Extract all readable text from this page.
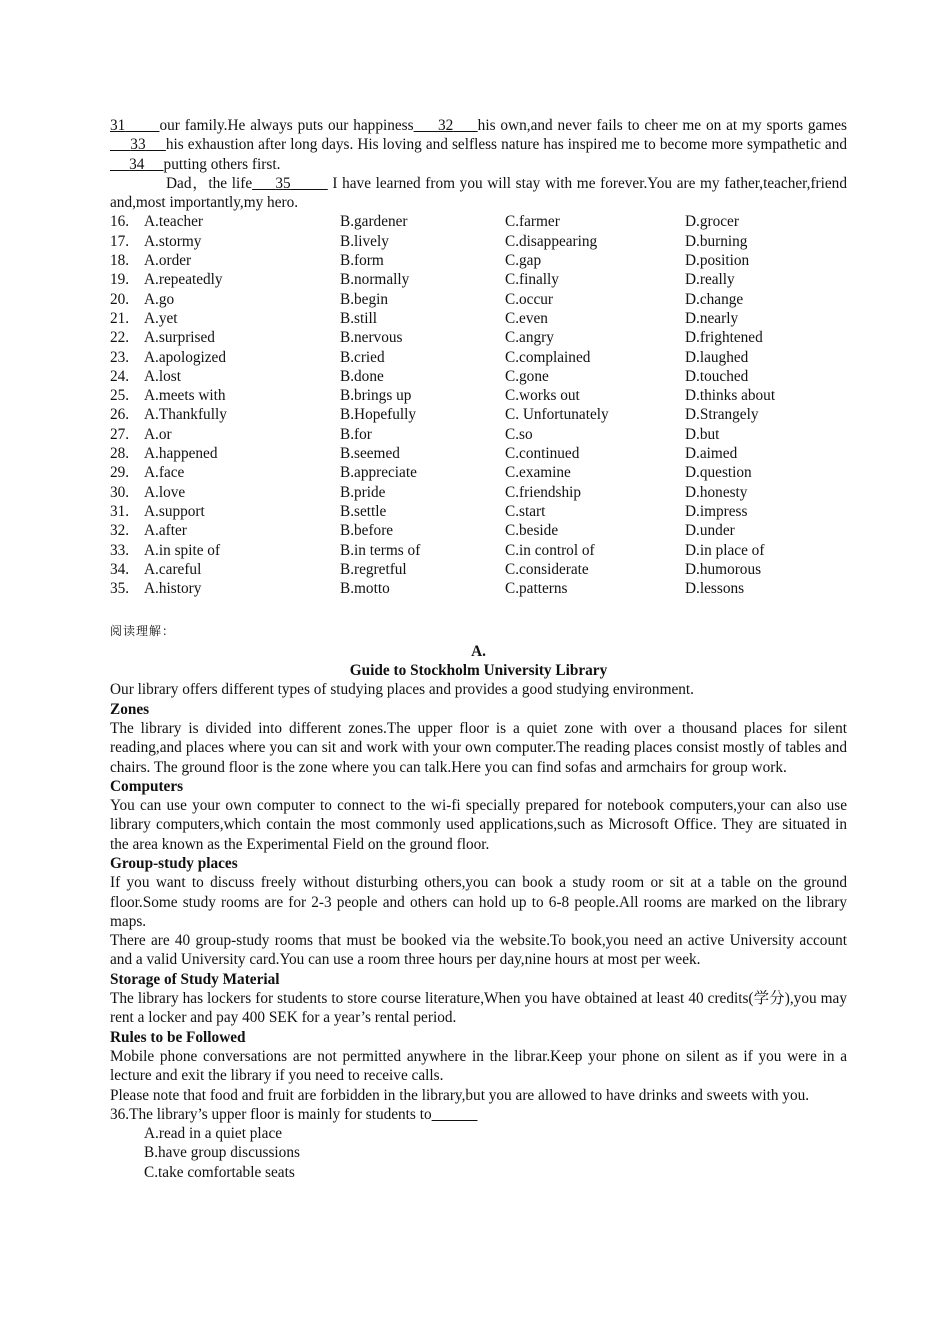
31 our family.He always puts our happiness 32 his own,and never fails to cheer me on at my sports games     33 his exhaustion after long days. His loving and selfless nature has inspired me to become more sympathetic and     34 putting others first.

Dad，the life 35	I have learned from you will stay with me forever.You are my father,teacher,friend and,most importantly,my hero.

16.	A.teacher	B.gardener	C.farmer	D.grocer
17.	A.stormy	B.lively	C.disappearing	D.burning
18.	A.order	B.form	C.gap	D.position
19.	A.repeatedly	B.normally	C.finally	D.really
20.	A.go	B.begin	C.occur	D.change
21.	A.yet	B.still	C.even	D.nearly
22.	A.surprised	B.nervous	C.angry	D.frightened
23.	A.apologized	B.cried	C.complained	D.laughed
24.	A.lost	B.done	C.gone	D.touched
25.	A.meets with	B.brings up	C.works out	D.thinks about
26.	A.Thankfully	B.Hopefully	C. Unfortunately	D.Strangely
27.	A.or	B.for	C.so	D.but
28.	A.happened	B.seemed	C.continued	D.aimed
29.	A.face	B.appreciate	C.examine	D.question
30.	A.love	B.pride	C.friendship	D.honesty
31.	A.support	B.settle	C.start	D.impress
32.	A.after	B.before	C.beside	D.under
33.	A.in spite of	B.in terms of	C.in control of	D.in place of
34.	A.careful	B.regretful	C.considerate	D.humorous
35.	A.history	B.motto	C.patterns	D.lessons

阅读理解：

A.

Guide to Stockholm University Library

Our library offers different types of studying places and provides a good studying environment.

Zones

The library is divided into different zones.The upper floor is a quiet zone with over a thousand places for silent reading,and places where you can sit and work with your own computer.The reading places consist mostly of tables and chairs. The ground floor is the zone where you can talk.Here you can find sofas and armchairs for group work.

Computers

You can use your own computer to connect to the wi-fi specially prepared for notebook computers,your can also use library computers,which contain the most commonly used applications,such as Microsoft Office. They are situated in the area known as the Experimental Field on the ground floor.

Group-study places

If you want to discuss freely without disturbing others,you can book a study room or sit at a table on the ground floor.Some study rooms are for 2-3 people and others can hold up to 6-8 people.All rooms are marked on the library maps.

There are 40 group-study rooms that must be booked via the website.To book,you need an active University account and a valid University card.You can use a room three hours per day,nine hours at most per week.

Storage of Study Material

The library has lockers for students to store course literature,When you have obtained at least 40 credits(学分),you may rent a locker and pay 400 SEK for a year’s rental period.

Rules to be Followed

Mobile phone conversations are not permitted anywhere in the librar.Keep your phone on silent as if you were in a lecture and exit the library if you need to receive calls.

Please note that food and fruit are forbidden in the library,but you are allowed to have drinks and sweets with you.

36.The library’s upper floor is mainly for students to

A.read in a quiet place

B.have group discussions

C.take comfortable seats
